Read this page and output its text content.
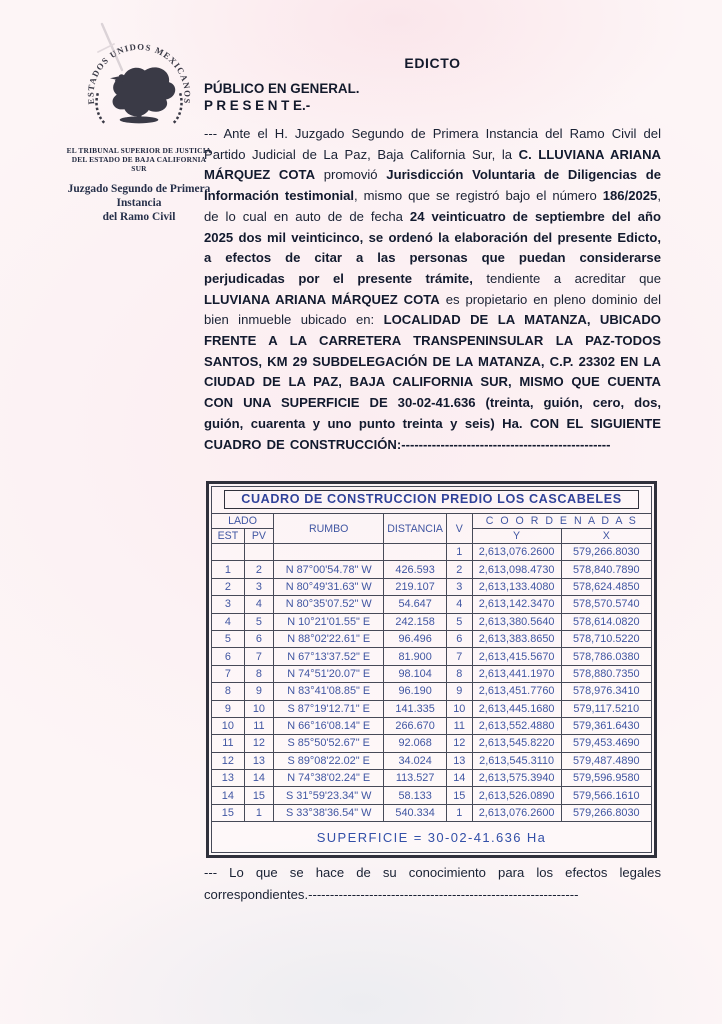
ESTADOS UNIDOS MEXICANOS
EL TRIBUNAL SUPERIOR DE JUSTICIA
DEL ESTADO DE BAJA CALIFORNIA SUR
Juzgado Segundo de Primera
Instancia
del Ramo Civil
EDICTO
PÚBLICO EN GENERAL.
P R E S E N T E.-

--- Ante el H. Juzgado Segundo de Primera Instancia del Ramo Civil del Partido Judicial de La Paz, Baja California Sur, la C. LLUVIANA ARIANA MÁRQUEZ COTA promovió Jurisdicción Voluntaria de Diligencias de Información testimonial, mismo que se registró bajo el número 186/2025, de lo cual en auto de de fecha 24 veinticuatro de septiembre del año 2025 dos mil veinticinco, se ordenó la elaboración del presente Edicto, a efectos de citar a las personas que puedan considerarse perjudicadas por el presente trámite, tendiente a acreditar que LLUVIANA ARIANA MÁRQUEZ COTA es propietario en pleno dominio del bien inmueble ubicado en: LOCALIDAD DE LA MATANZA, UBICADO FRENTE A LA CARRETERA TRANSPENINSULAR LA PAZ-TODOS SANTOS, KM 29 SUBDELEGACIÓN DE LA MATANZA, C.P. 23302 EN LA CIUDAD DE LA PAZ, BAJA CALIFORNIA SUR, MISMO QUE CUENTA CON UNA SUPERFICIE DE 30-02-41.636 (treinta, guión, cero, dos, guión, cuarenta y uno punto treinta y seis) Ha. CON EL SIGUIENTE CUADRO DE CONSTRUCCIÓN:------------------------------------------------

CUADRO DE CONSTRUCCION PREDIO LOS CASCABELES						
LADO		RUMBO	DISTANCIA	V	C O O R D E N A D A S	
EST	PV				Y	X
				1	2,613,076.2600	579,266.8030
1	2	N 87°00'54.78" W	426.593	2	2,613,098.4730	578,840.7890
2	3	N 80°49'31.63" W	219.107	3	2,613,133.4080	578,624.4850
3	4	N 80°35'07.52" W	54.647	4	2,613,142.3470	578,570.5740
4	5	N 10°21'01.55" E	242.158	5	2,613,380.5640	578,614.0820
5	6	N 88°02'22.61" E	96.496	6	2,613,383.8650	578,710.5220
6	7	N 67°13'37.52" E	81.900	7	2,613,415.5670	578,786.0380
7	8	N 74°51'20.07" E	98.104	8	2,613,441.1970	578,880.7350
8	9	N 83°41'08.85" E	96.190	9	2,613,451.7760	578,976.3410
9	10	S 87°19'12.71" E	141.335	10	2,613,445.1680	579,117.5210
10	11	N 66°16'08.14" E	266.670	11	2,613,552.4880	579,361.6430
11	12	S 85°50'52.67" E	92.068	12	2,613,545.8220	579,453.4690
12	13	S 89°08'22.02" E	34.024	13	2,613,545.3110	579,487.4890
13	14	N 74°38'02.24" E	113.527	14	2,613,575.3940	579,596.9580
14	15	S 31°59'23.34" W	58.133	15	2,613,526.0890	579,566.1610
15	1	S 33°38'36.54" W	540.334	1	2,613,076.2600	579,266.8030
SUPERFICIE = 30-02-41.636 Ha						

--- Lo que se hace de su conocimiento para los efectos legales correspondientes.--------------------------------------------------------------
